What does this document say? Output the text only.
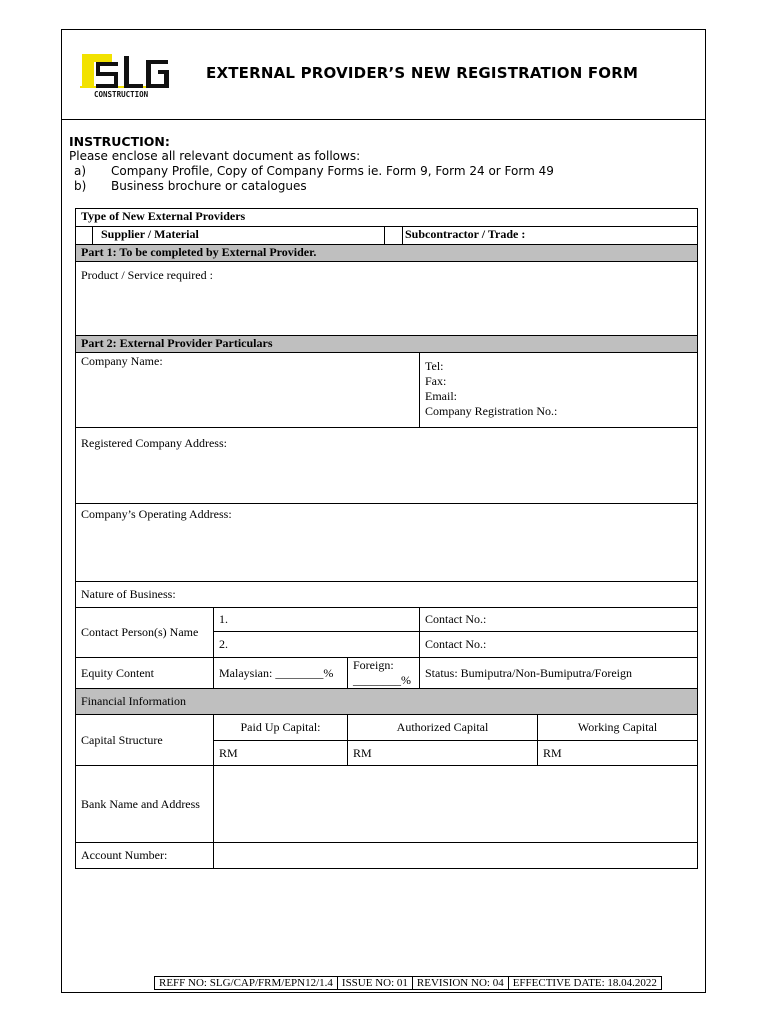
CONSTRUCTION
EXTERNAL PROVIDER’S NEW REGISTRATION FORM
INSTRUCTION:
Please enclose all relevant document as follows:
a)	Company Profile, Copy of Company Forms ie. Form 9, Form 24 or Form 49
b)	Business brochure or catalogues
Type of New External Providers						
	Supplier / Material			Subcontractor / Trade :		
Part 1: To be completed by External Provider.						
Product / Service required :						
Part 2: External Provider Particulars						
Company Name:					Tel:
Fax:
Email:
Company Registration No.:	

Registered Company Address:						
Company’s Operating Address:						
Nature of Business:						
Contact Person(s) Name		1.			Contact No.:	
		2.			Contact No.:	
Equity Content		Malaysian: ________%	Foreign: ________%		Status: Bumiputra/Non-Bumiputra/Foreign	
Financial Information						
Capital Structure		Paid Up Capital:	Authorized Capital			Working Capital
		RM	RM			RM
Bank Name and Address						
Account Number:						
REFF NO: SLG/CAP/FRM/EPN12/1.4 ISSUE NO: 01 REVISION NO: 04 EFFECTIVE DATE: 18.04.2022
